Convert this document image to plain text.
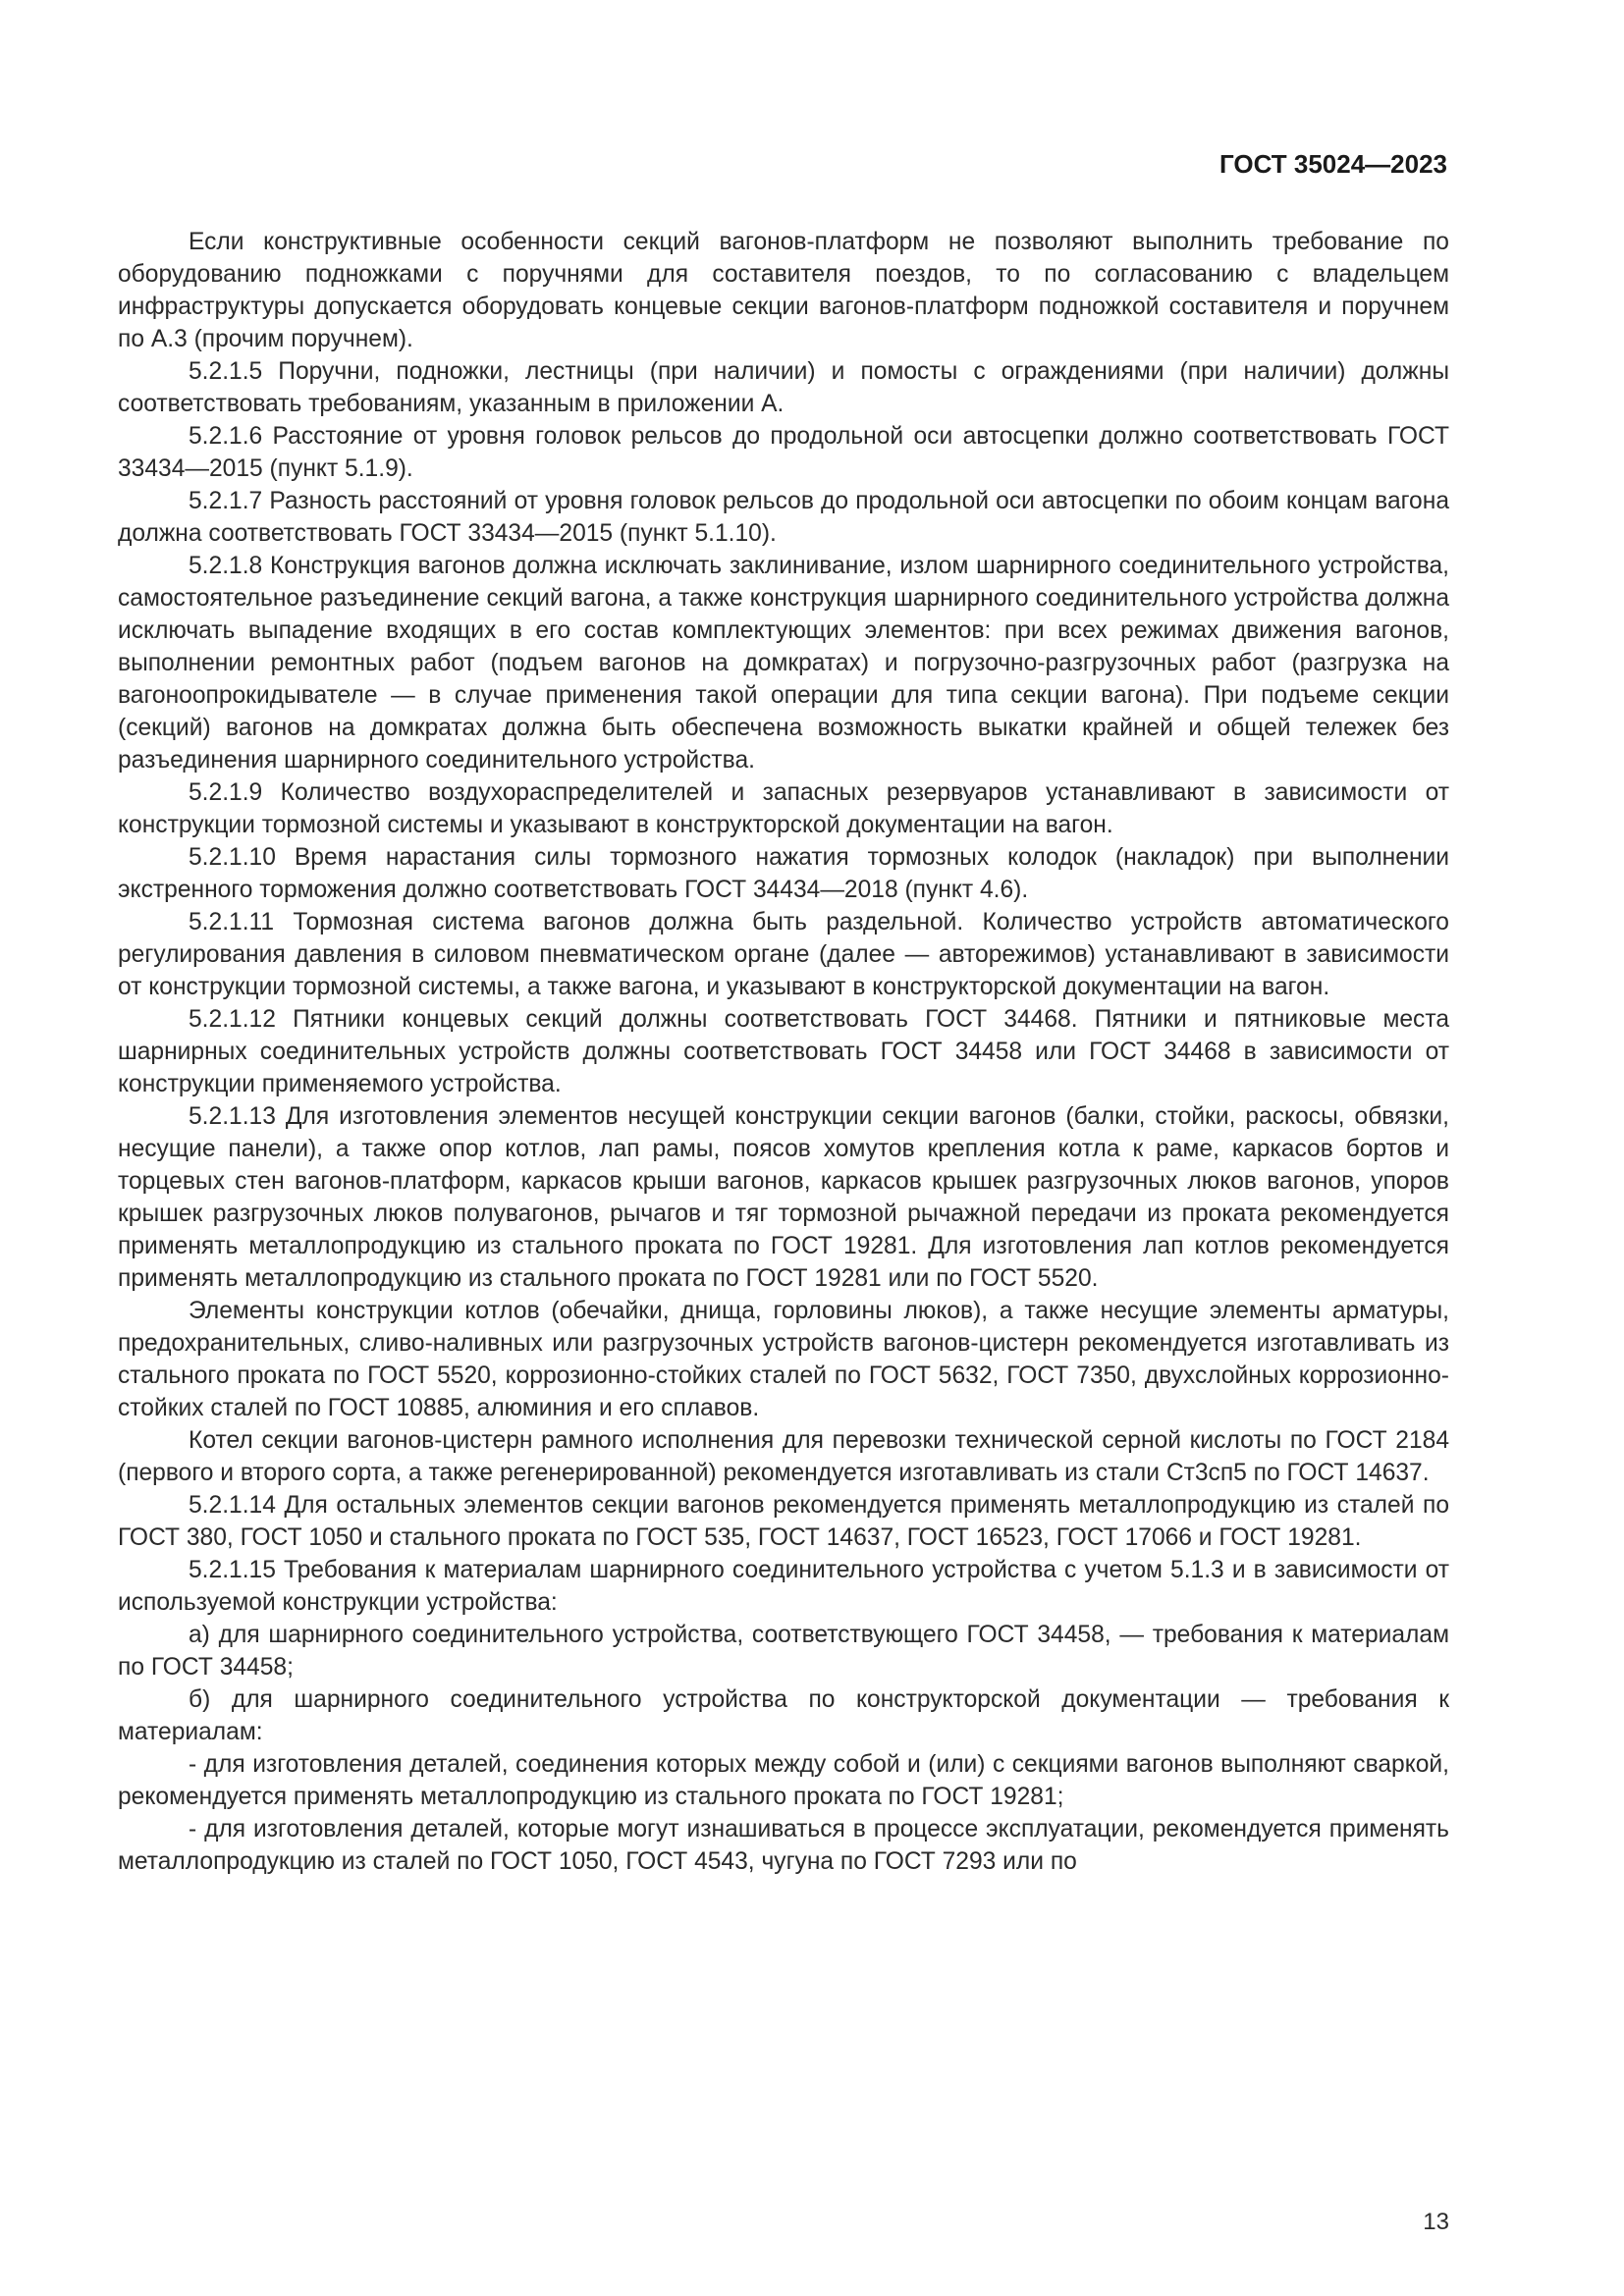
ГОСТ 35024—2023

Если конструктивные особенности секций вагонов-платформ не позволяют выполнить требование по оборудованию подножками с поручнями для составителя поездов, то по согласованию с владельцем инфраструктуры допускается оборудовать концевые секции вагонов-платформ подножкой составителя и поручнем по А.3 (прочим поручнем).

5.2.1.5 Поручни, подножки, лестницы (при наличии) и помосты с ограждениями (при наличии) должны соответствовать требованиям, указанным в приложении А.

5.2.1.6 Расстояние от уровня головок рельсов до продольной оси автосцепки должно соответствовать ГОСТ 33434—2015 (пункт 5.1.9).

5.2.1.7 Разность расстояний от уровня головок рельсов до продольной оси автосцепки по обоим концам вагона должна соответствовать ГОСТ 33434—2015 (пункт 5.1.10).

5.2.1.8 Конструкция вагонов должна исключать заклинивание, излом шарнирного соединительного устройства, самостоятельное разъединение секций вагона, а также конструкция шарнирного соединительного устройства должна исключать выпадение входящих в его состав комплектующих элементов: при всех режимах движения вагонов, выполнении ремонтных работ (подъем вагонов на домкратах) и погрузочно-разгрузочных работ (разгрузка на вагоноопрокидывателе — в случае применения такой операции для типа секции вагона). При подъеме секции (секций) вагонов на домкратах должна быть обеспечена возможность выкатки крайней и общей тележек без разъединения шарнирного соединительного устройства.

5.2.1.9 Количество воздухораспределителей и запасных резервуаров устанавливают в зависимости от конструкции тормозной системы и указывают в конструкторской документации на вагон.

5.2.1.10 Время нарастания силы тормозного нажатия тормозных колодок (накладок) при выполнении экстренного торможения должно соответствовать ГОСТ 34434—2018 (пункт 4.6).

5.2.1.11 Тормозная система вагонов должна быть раздельной. Количество устройств автоматического регулирования давления в силовом пневматическом органе (далее — авторежимов) устанавливают в зависимости от конструкции тормозной системы, а также вагона, и указывают в конструкторской документации на вагон.

5.2.1.12 Пятники концевых секций должны соответствовать ГОСТ 34468. Пятники и пятниковые места шарнирных соединительных устройств должны соответствовать ГОСТ 34458 или ГОСТ 34468 в зависимости от конструкции применяемого устройства.

5.2.1.13 Для изготовления элементов несущей конструкции секции вагонов (балки, стойки, раскосы, обвязки, несущие панели), а также опор котлов, лап рамы, поясов хомутов крепления котла к раме, каркасов бортов и торцевых стен вагонов-платформ, каркасов крыши вагонов, каркасов крышек разгрузочных люков вагонов, упоров крышек разгрузочных люков полувагонов, рычагов и тяг тормозной рычажной передачи из проката рекомендуется применять металлопродукцию из стального проката по ГОСТ 19281. Для изготовления лап котлов рекомендуется применять металлопродукцию из стального проката по ГОСТ 19281 или по ГОСТ 5520.

Элементы конструкции котлов (обечайки, днища, горловины люков), а также несущие элементы арматуры, предохранительных, сливо-наливных или разгрузочных устройств вагонов-цистерн рекомендуется изготавливать из стального проката по ГОСТ 5520, коррозионно-стойких сталей по ГОСТ 5632, ГОСТ 7350, двухслойных коррозионно-стойких сталей по ГОСТ 10885, алюминия и его сплавов.

Котел секции вагонов-цистерн рамного исполнения для перевозки технической серной кислоты по ГОСТ 2184 (первого и второго сорта, а также регенерированной) рекомендуется изготавливать из стали Ст3сп5 по ГОСТ 14637.

5.2.1.14 Для остальных элементов секции вагонов рекомендуется применять металлопродукцию из сталей по ГОСТ 380, ГОСТ 1050 и стального проката по ГОСТ 535, ГОСТ 14637, ГОСТ 16523, ГОСТ 17066 и ГОСТ 19281.

5.2.1.15 Требования к материалам шарнирного соединительного устройства с учетом 5.1.3 и в зависимости от используемой конструкции устройства:

а) для шарнирного соединительного устройства, соответствующего ГОСТ 34458, — требования к материалам по ГОСТ 34458;

б) для шарнирного соединительного устройства по конструкторской документации — требования к материалам:

- для изготовления деталей, соединения которых между собой и (или) с секциями вагонов выполняют сваркой, рекомендуется применять металлопродукцию из стального проката по ГОСТ 19281;

- для изготовления деталей, которые могут изнашиваться в процессе эксплуатации, рекомендуется применять металлопродукцию из сталей по ГОСТ 1050, ГОСТ 4543, чугуна по ГОСТ 7293 или по

13
